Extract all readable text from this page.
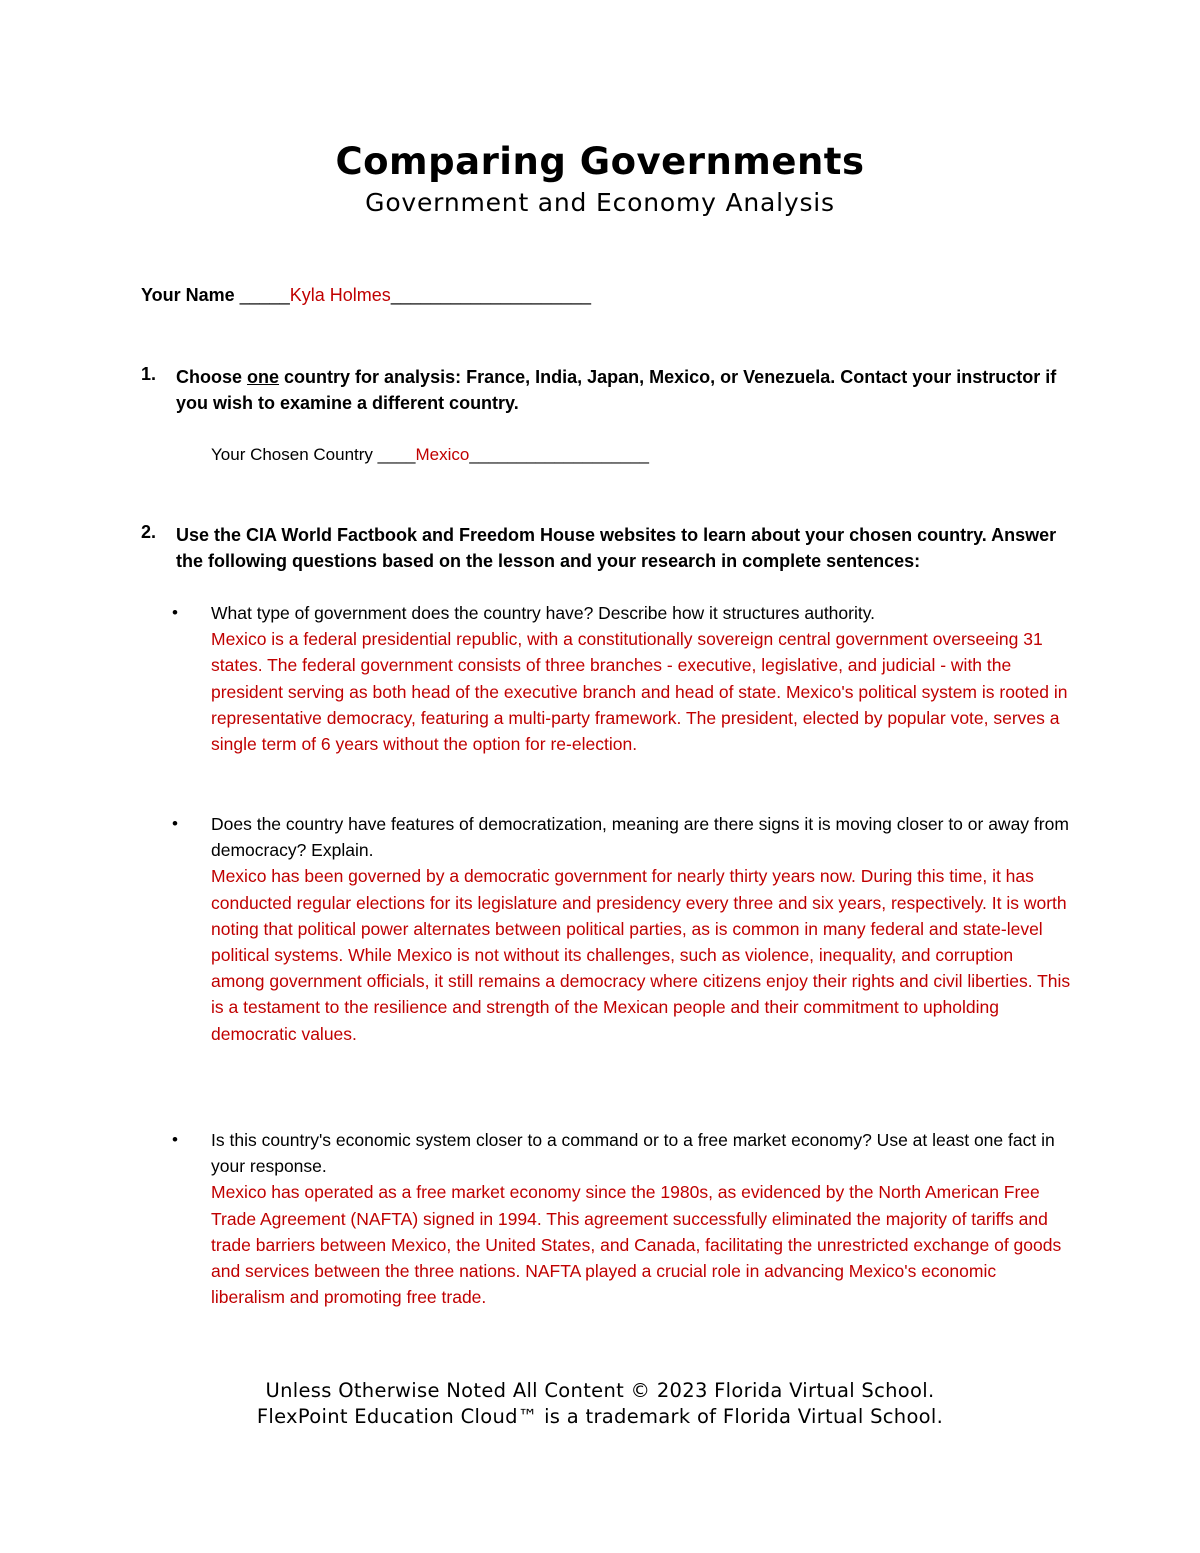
Comparing Governments
Government and Economy Analysis
Your Name _____Kyla Holmes____________________
1. Choose one country for analysis: France, India, Japan, Mexico, or Venezuela. Contact your instructor if you wish to examine a different country.
Your Chosen Country ____Mexico___________________
2. Use the CIA World Factbook and Freedom House websites to learn about your chosen country. Answer the following questions based on the lesson and your research in complete sentences:
• What type of government does the country have? Describe how it structures authority.
Mexico is a federal presidential republic, with a constitutionally sovereign central government overseeing 31 states. The federal government consists of three branches - executive, legislative, and judicial - with the president serving as both head of the executive branch and head of state. Mexico's political system is rooted in representative democracy, featuring a multi-party framework. The president, elected by popular vote, serves a single term of 6 years without the option for re-election.
• Does the country have features of democratization, meaning are there signs it is moving closer to or away from democracy? Explain.
Mexico has been governed by a democratic government for nearly thirty years now. During this time, it has conducted regular elections for its legislature and presidency every three and six years, respectively. It is worth noting that political power alternates between political parties, as is common in many federal and state-level political systems. While Mexico is not without its challenges, such as violence, inequality, and corruption among government officials, it still remains a democracy where citizens enjoy their rights and civil liberties. This is a testament to the resilience and strength of the Mexican people and their commitment to upholding democratic values.
• Is this country's economic system closer to a command or to a free market economy? Use at least one fact in your response.
Mexico has operated as a free market economy since the 1980s, as evidenced by the North American Free Trade Agreement (NAFTA) signed in 1994. This agreement successfully eliminated the majority of tariffs and trade barriers between Mexico, the United States, and Canada, facilitating the unrestricted exchange of goods and services between the three nations. NAFTA played a crucial role in advancing Mexico's economic liberalism and promoting free trade.
Unless Otherwise Noted All Content © 2023 Florida Virtual School.
FlexPoint Education Cloud™ is a trademark of Florida Virtual School.
